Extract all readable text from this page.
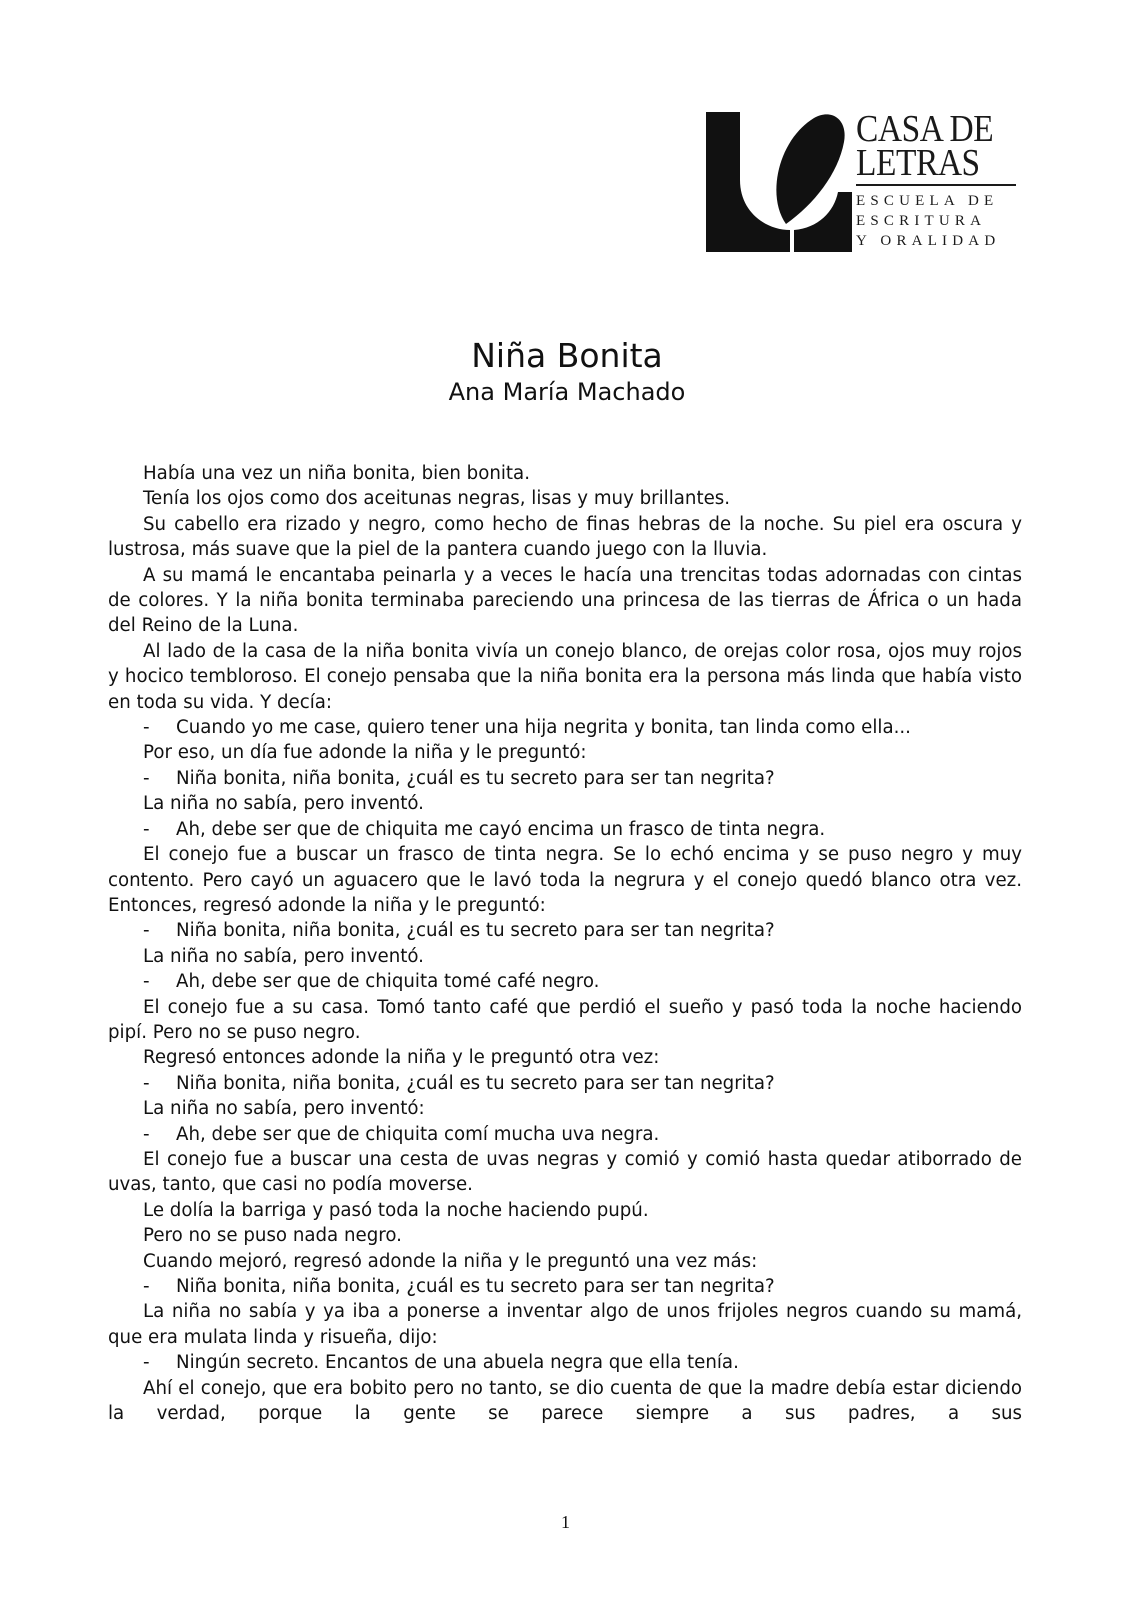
CASA DE
LETRAS
ESCUELA DE
ESCRITURA
Y ORALIDAD
Niña Bonita
Ana María Machado

Había una vez un niña bonita, bien bonita.

Tenía los ojos como dos aceitunas negras, lisas y muy brillantes.

Su cabello era rizado y negro, como hecho de finas hebras de la noche. Su piel era oscura y lustrosa, más suave que la piel de la pantera cuando juego con la lluvia.

A su mamá le encantaba peinarla y a veces le hacía una trencitas todas adornadas con cintas de colores. Y la niña bonita terminaba pareciendo una princesa de las tierras de África o un hada del Reino de la Luna.

Al lado de la casa de la niña bonita vivía un conejo blanco, de orejas color rosa, ojos muy rojos y hocico tembloroso. El conejo pensaba que la niña bonita era la persona más linda que había visto en toda su vida. Y decía:

- Cuando yo me case, quiero tener una hija negrita y bonita, tan linda como ella...

Por eso, un día fue adonde la niña y le preguntó:

- Niña bonita, niña bonita, ¿cuál es tu secreto para ser tan negrita?

La niña no sabía, pero inventó.

- Ah, debe ser que de chiquita me cayó encima un frasco de tinta negra.

El conejo fue a buscar un frasco de tinta negra. Se lo echó encima y se puso negro y muy contento. Pero cayó un aguacero que le lavó toda la negrura y el conejo quedó blanco otra vez. Entonces, regresó adonde la niña y le preguntó:

- Niña bonita, niña bonita, ¿cuál es tu secreto para ser tan negrita?

La niña no sabía, pero inventó.

- Ah, debe ser que de chiquita tomé café negro.

El conejo fue a su casa. Tomó tanto café que perdió el sueño y pasó toda la noche haciendo pipí. Pero no se puso negro.

Regresó entonces adonde la niña y le preguntó otra vez:

- Niña bonita, niña bonita, ¿cuál es tu secreto para ser tan negrita?

La niña no sabía, pero inventó:

- Ah, debe ser que de chiquita comí mucha uva negra.

El conejo fue a buscar una cesta de uvas negras y comió y comió hasta quedar atiborrado de uvas, tanto, que casi no podía moverse.

Le dolía la barriga y pasó toda la noche haciendo pupú.

Pero no se puso nada negro.

Cuando mejoró, regresó adonde la niña y le preguntó una vez más:

- Niña bonita, niña bonita, ¿cuál es tu secreto para ser tan negrita?

La niña no sabía y ya iba a ponerse a inventar algo de unos frijoles negros cuando su mamá, que era mulata linda y risueña, dijo:

- Ningún secreto. Encantos de una abuela negra que ella tenía.

Ahí el conejo, que era bobito pero no tanto, se dio cuenta de que la madre debía estar diciendo la verdad, porque la gente se parece siempre a sus padres, a sus

1
